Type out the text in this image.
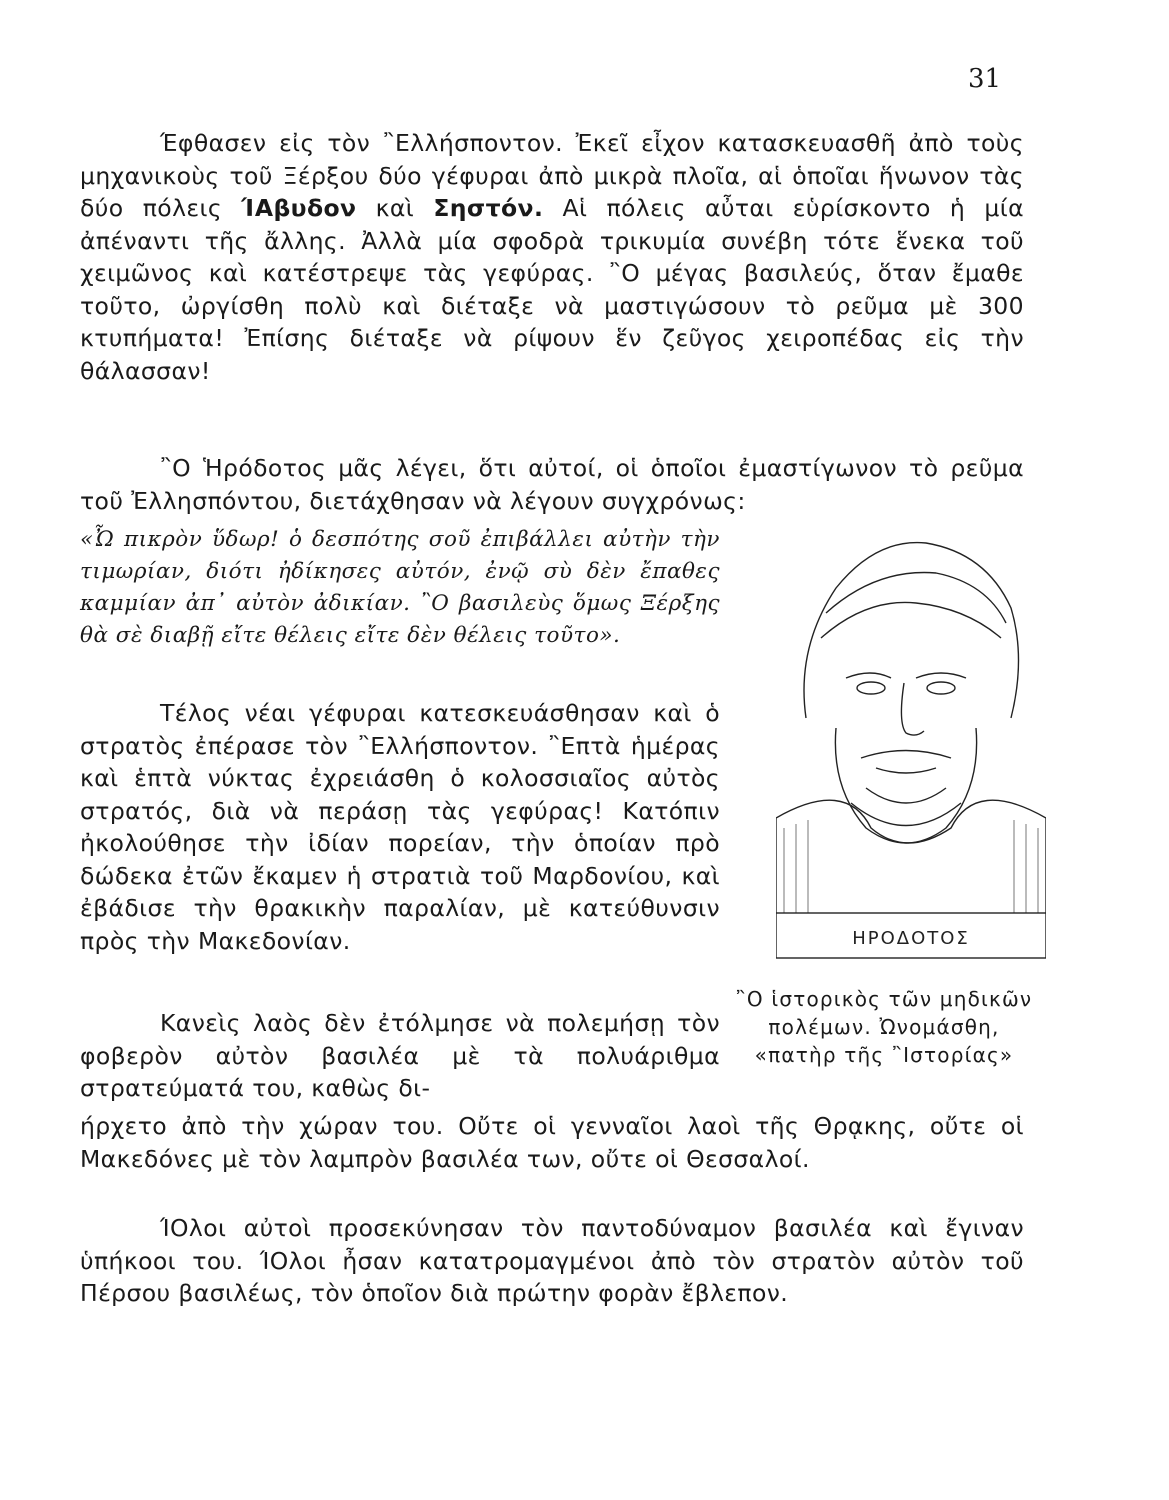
31
Έφθασεν εἰς τὸν ῍Ελλήσποντον. Ἐκεῖ εἶχον κατασκευασθῆ ἀπὸ τοὺς μηχανικοὺς τοῦ Ξέρξου δύο γέφυραι ἀπὸ μικρὰ πλοῖα, αἱ ὁποῖαι ἥνωνον τὰς δύο πόλεις ΊΑβυδον καὶ Σηστόν. Αἱ πόλεις αὖται εὑρίσκοντο ἡ μία ἀπέναντι τῆς ἄλλης. Ἀλλὰ μία σφοδρὰ τρικυμία συνέβη τότε ἕνεκα τοῦ χειμῶνος καὶ κατέστρεψε τὰς γεφύρας. ῍Ο μέγας βασιλεύς, ὅταν ἔμαθε τοῦτο, ὠργίσθη πολὺ καὶ διέταξε νὰ μαστιγώσουν τὸ ρεῦμα μὲ 300 κτυπήματα! Ἐπίσης διέταξε νὰ ρίψουν ἕν ζεῦγος χειροπέδας εἰς τὴν θάλασσαν!
῍Ο Ἡρόδοτος μᾶς λέγει, ὅτι αὐτοί, οἱ ὁποῖοι ἐμαστίγωνον τὸ ρεῦμα τοῦ Ἐλλησπόντου, διετάχθησαν νὰ λέγουν συγχρόνως:
«Ὦ πικρὸν ὕδωρ! ὁ δεσπότης σοῦ ἐπιβάλλει αὐτὴν τὴν τιμωρίαν, διότι ἠδίκησες αὐτόν, ἐνῷ σὺ δὲν ἔπαθες καμμίαν ἀπ᾽ αὐτὸν ἀδικίαν. ῍Ο βασιλεὺς ὅμως Ξέρξης θὰ σὲ διαβῇ εἴτε θέλεις εἴτε δὲν θέλεις τοῦτο».
Τέλος νέαι γέφυραι κατεσκευάσθησαν καὶ ὁ στρατὸς ἐπέρασε τὸν ῍Ελλήσποντον. ῍Επτὰ ἡμέρας καὶ ἑπτὰ νύκτας ἐχρειάσθη ὁ κολοσσιαῖος αὐτὸς στρατός, διὰ νὰ περάσῃ τὰς γεφύρας! Κατόπιν ἠκολούθησε τὴν ἰδίαν πορείαν, τὴν ὁποίαν πρὸ δώδεκα ἐτῶν ἔκαμεν ἡ στρατιὰ τοῦ Μαρδονίου, καὶ ἐβάδισε τὴν θρακικὴν παραλίαν, μὲ κατεύθυνσιν πρὸς τὴν Μακεδονίαν.
Κανεὶς λαὸς δὲν ἐτόλμησε νὰ πολεμήσῃ τὸν φοβερὸν αὐτὸν βασιλέα μὲ τὰ πολυάριθμα στρατεύματά του, καθὼς δι-
ήρχετο ἀπὸ τὴν χώραν του. Οὔτε οἱ γενναῖοι λαοὶ τῆς Θρᾳκης, οὔτε οἱ Μακεδόνες μὲ τὸν λαμπρὸν βασιλέα των, οὔτε οἱ Θεσσαλοί.
ΊΟλοι αὐτοὶ προσεκύνησαν τὸν παντοδύναμον βασιλέα καὶ ἔγιναν ὑπήκοοι του. ΊΟλοι ἦσαν κατατρομαγμένοι ἀπὸ τὸν στρατὸν αὐτὸν τοῦ Πέρσου βασιλέως, τὸν ὁποῖον διὰ πρώτην φορὰν ἔβλεπον.
ΗΡΟΔΟΤΟΣ
῍Ο ἱστορικὸς τῶν μηδικῶν πολέμων. Ὠνομάσθη, «πατὴρ τῆς ῍Ιστορίας»
